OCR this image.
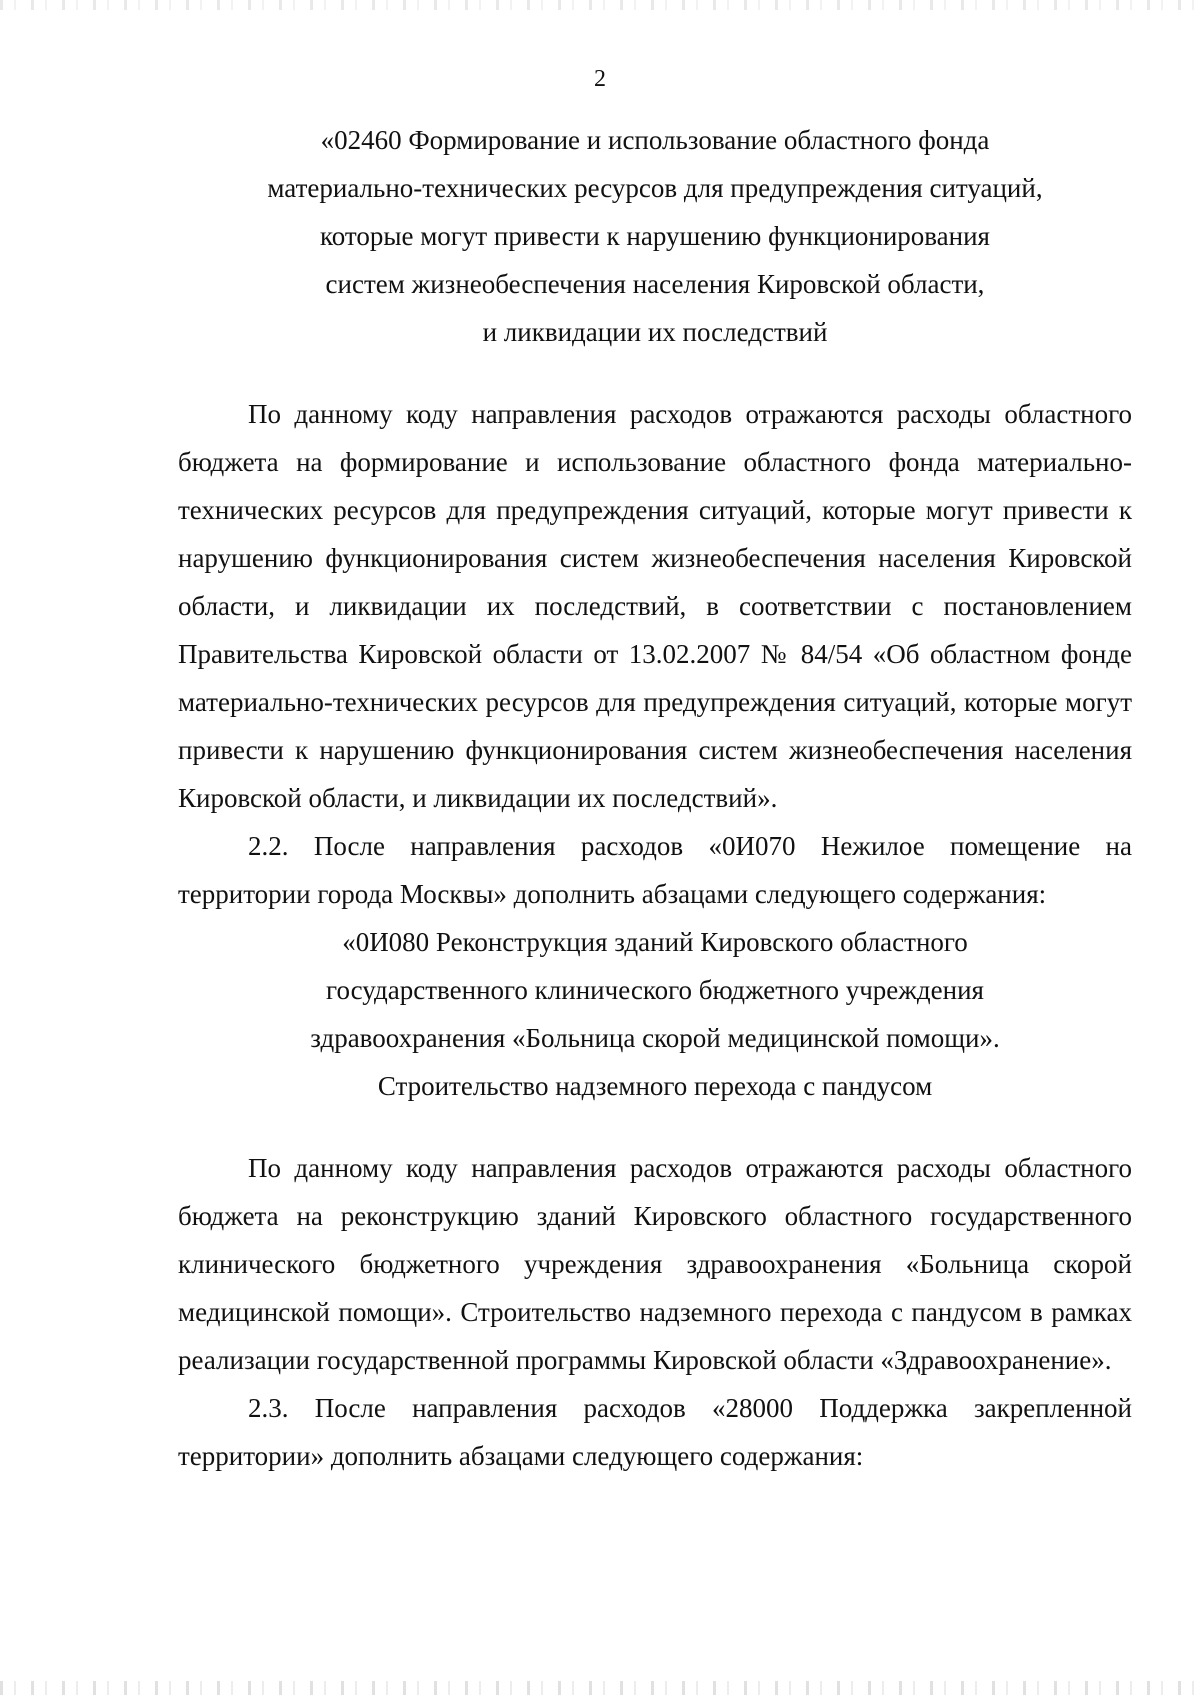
2
«02460 Формирование и использование областного фонда
материально-технических ресурсов для предупреждения ситуаций,
которые могут привести к нарушению функционирования
систем жизнеобеспечения населения Кировской области,
и ликвидации их последствий

По данному коду направления расходов отражаются расходы областного бюджета на формирование и использование областного фонда материально-технических ресурсов для предупреждения ситуаций, которые могут привести к нарушению функционирования систем жизнеобеспечения населения Кировской области, и ликвидации их последствий, в соответствии с постановлением Правительства Кировской области от 13.02.2007 № 84/54 «Об областном фонде материально-технических ресурсов для предупреждения ситуаций, которые могут привести к нарушению функционирования систем жизнеобеспечения населения Кировской области, и ликвидации их последствий».

2.2. После направления расходов «0И070 Нежилое помещение на территории города Москвы» дополнить абзацами следующего содержания:

«0И080 Реконструкция зданий Кировского областного
государственного клинического бюджетного учреждения
здравоохранения «Больница скорой медицинской помощи».
Строительство надземного перехода с пандусом

По данному коду направления расходов отражаются расходы областного бюджета на реконструкцию зданий Кировского областного государственного клинического бюджетного учреждения здравоохранения «Больница скорой медицинской помощи». Строительство надземного перехода с пандусом в рамках реализации государственной программы Кировской области «Здравоохранение».

2.3. После направления расходов «28000 Поддержка закрепленной территории» дополнить абзацами следующего содержания:
